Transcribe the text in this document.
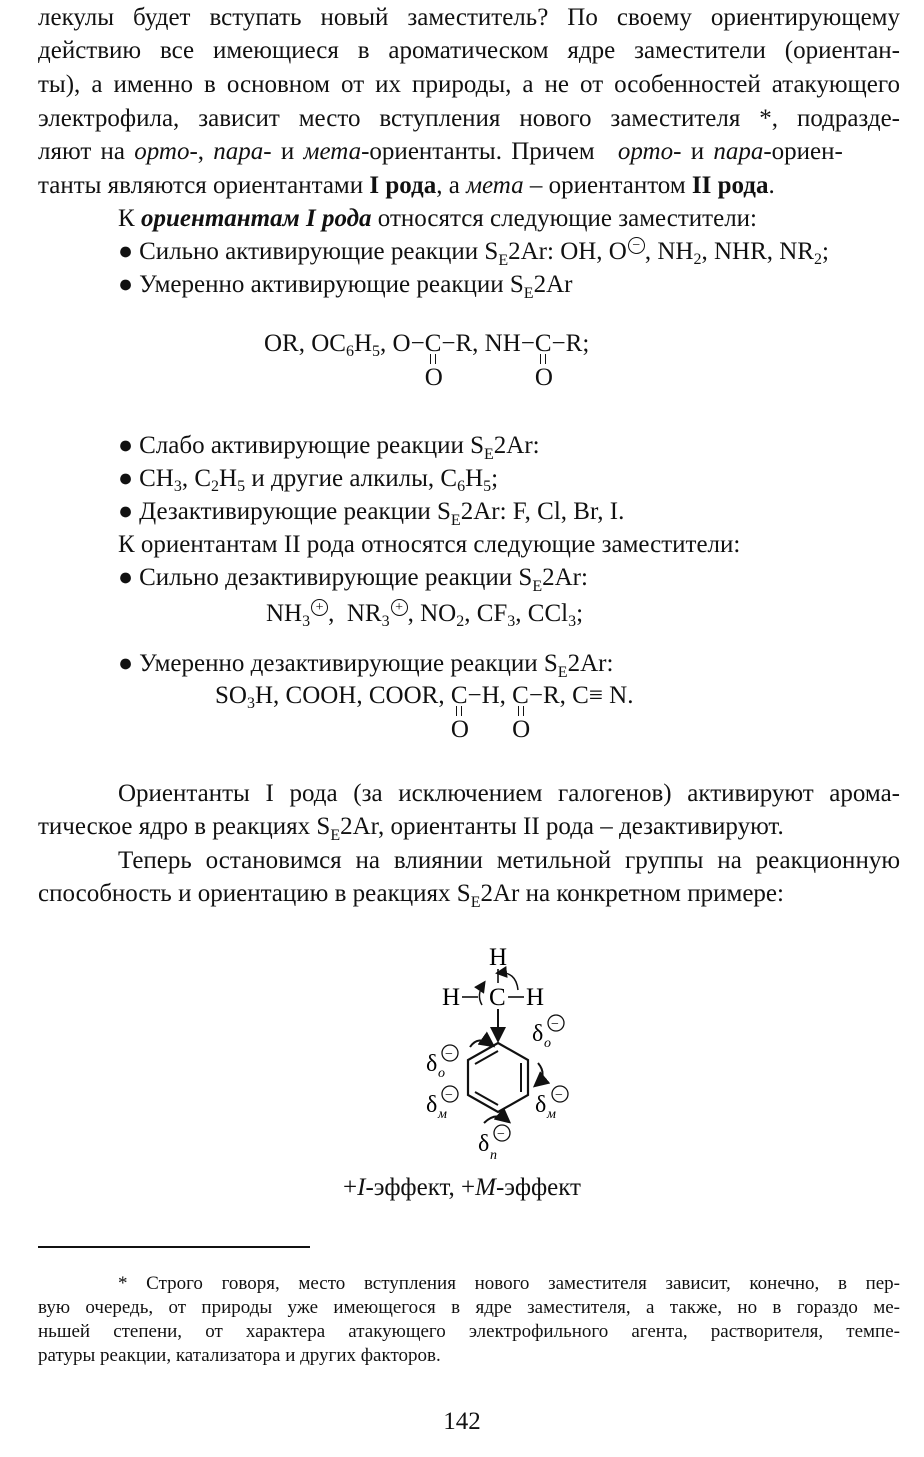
лекулы будет вступать новый заместитель? По своему ориентирующему
действию все имеющиеся в ароматическом ядре заместители (ориентан-
ты), а именно в основном от их природы, а не от особенностей атакующего
электрофила, зависит место вступления нового заместителя *, подразде-
ляют на орто-, пара- и мета-ориентанты. Причем орто- и пара-ориен-
танты являются ориентантами I рода, а мета – ориентантом II рода.
К ориентантам I рода относятся следующие заместители:
● Сильно активирующие реакции $S_E2Ar$: OH, O − , $NH_2$, NHR, $NR_2$;
● Умеренно активирующие реакции $S_E2Ar$
OR, $OC_6H_5$, O−C
O
−R, NH−C
O
−R;
● Слабо активирующие реакции $S_E2Ar$:
● $CH_3$, $C_2H_5$ и другие алкилы, $C_6H_5$;
● Дезактивирующие реакции $S_E2Ar$: F, Cl, Br, I.
К ориентантам II рода относятся следующие заместители:
● Сильно дезактивирующие реакции $S_E2Ar$:
$NH_3+$ ,  $NR_3+$ , $NO_2$, $CF_3$, CCl$_3$;
● Умеренно дезактивирующие реакции $S_E2Ar$:
$SO_3H$, COOH, COOR, C
O
−H, C
O
−R, C≡ N.
Ориентанты I рода (за исключением галогенов) активируют арома-
тическое ядро в реакциях $S_E2Ar$, ориентанты II рода – дезактивируют.
Теперь остановимся на влиянии метильной группы на реакционную
способность и ориентацию в реакциях $S_E2Ar$ на конкретном примере:
H
H C H
δ o
−
δ o
−
δ м
−	δ м
−
δ п
−
+I-эффект, +M-эффект
* Строго говоря, место вступления нового заместителя зависит, конечно, в пер-
вую очередь, от природы уже имеющегося в ядре заместителя, а также, но в гораздо ме-
ньшей степени, от характера атакующего электрофильного агента, растворителя, темпе-
ратуры реакции, катализатора и других факторов.
142
